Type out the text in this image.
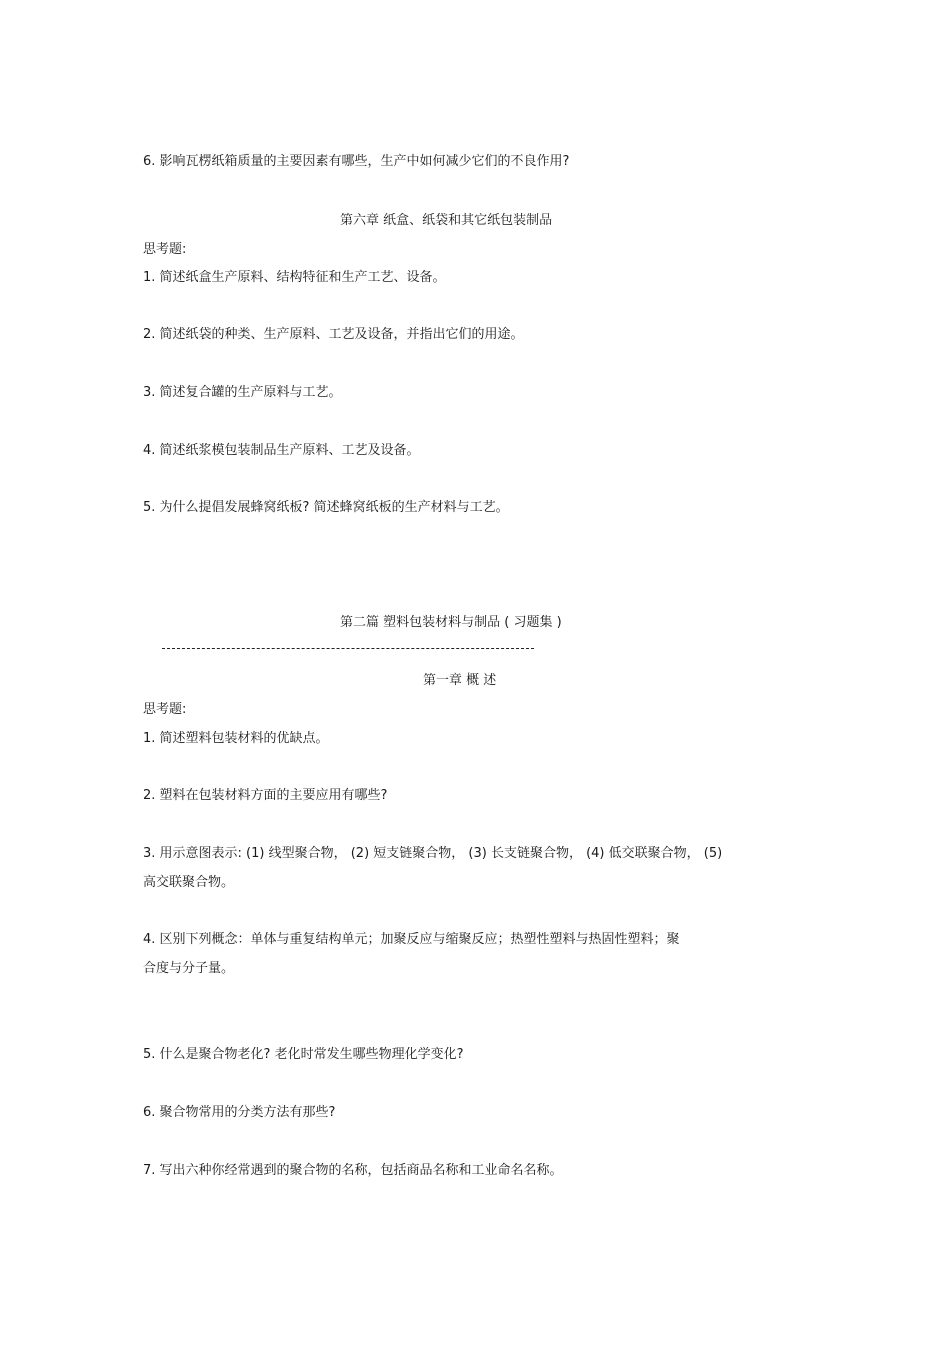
6. 影响瓦楞纸箱质量的主要因素有哪些，生产中如何减少它们的不良作用?
第六章 纸盒、纸袋和其它纸包装制品
思考题:
1. 简述纸盒生产原料、结构特征和生产工艺、设备。
2. 简述纸袋的种类、生产原料、工艺及设备，并指出它们的用途。
3. 简述复合罐的生产原料与工艺。
4. 简述纸浆模包装制品生产原料、工艺及设备。
5. 为什么提倡发展蜂窝纸板? 简述蜂窝纸板的生产材料与工艺。
第二篇 塑料包装材料与制品 ( 习题集 )
第一章 概 述
思考题:
1. 简述塑料包装材料的优缺点。
2. 塑料在包装材料方面的主要应用有哪些?
3. 用示意图表示: (1) 线型聚合物， (2) 短支链聚合物， (3) 长支链聚合物， (4) 低交联聚合物， (5)
高交联聚合物。
4. 区别下列概念：单体与重复结构单元；加聚反应与缩聚反应；热塑性塑料与热固性塑料；聚
合度与分子量。
5. 什么是聚合物老化? 老化时常发生哪些物理化学变化?
6. 聚合物常用的分类方法有那些?
7. 写出六种你经常遇到的聚合物的名称，包括商品名称和工业命名名称。
